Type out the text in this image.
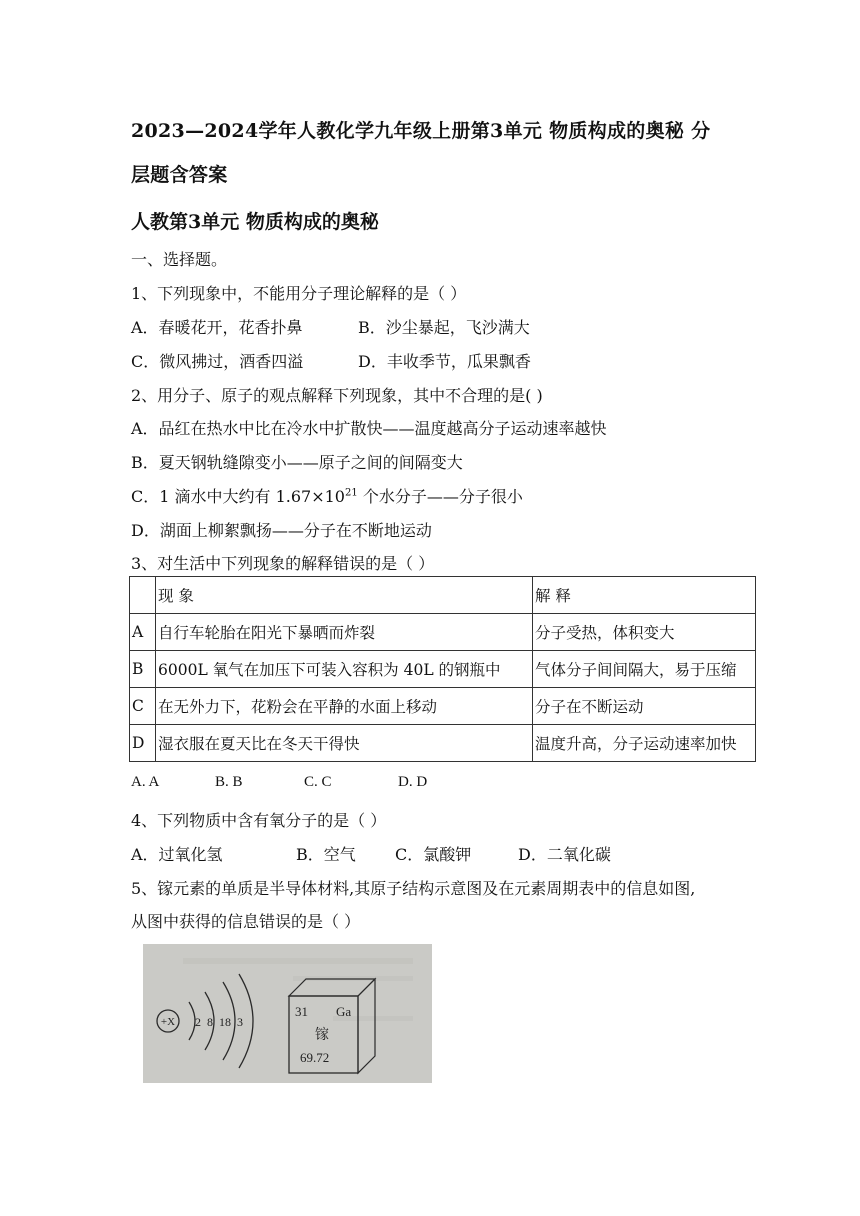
2023—2024学年人教化学九年级上册第3单元 物质构成的奥秘 分
层题含答案
人教第3单元 物质构成的奥秘
一、选择题。
1、下列现象中，不能用分子理论解释的是（ ）
A．春暖花开，花香扑鼻	B．沙尘暴起，飞沙满大
C．微风拂过，酒香四溢	D．丰收季节，瓜果飘香
2、用分子、原子的观点解释下列现象，其中不合理的是( )
A．品红在热水中比在冷水中扩散快——温度越高分子运动速率越快
B．夏天钢轨缝隙变小——原子之间的间隔变大
C．1 滴水中大约有 $1.67\times 10^{21}$ 个水分子——分子很小
D．湖面上柳絮飘扬——分子在不断地运动
3、对生活中下列现象的解释错误的是（ ）
	现 象	解 释
A	自行车轮胎在阳光下暴晒而炸裂	分子受热，体积变大
B	6000L 氧气在加压下可装入容积为 40L 的钢瓶中	气体分子间间隔大，易于压缩
C	在无外力下，花粉会在平静的水面上移动	分子在不断运动
D	湿衣服在夏天比在冬天干得快	温度升高，分子运动速率加快
A. A	B. B	C. C	D. D
4、下列物质中含有氧分子的是（ ）
A．过氧化氢	B．空气 C．氯酸钾	D．二氧化碳
5、镓元素的单质是半导体材料,其原子结构示意图及在元素周期表中的信息如图,
从图中获得的信息错误的是（ ）
+X 2  8  18  3
31 Ga
镓
69.72
